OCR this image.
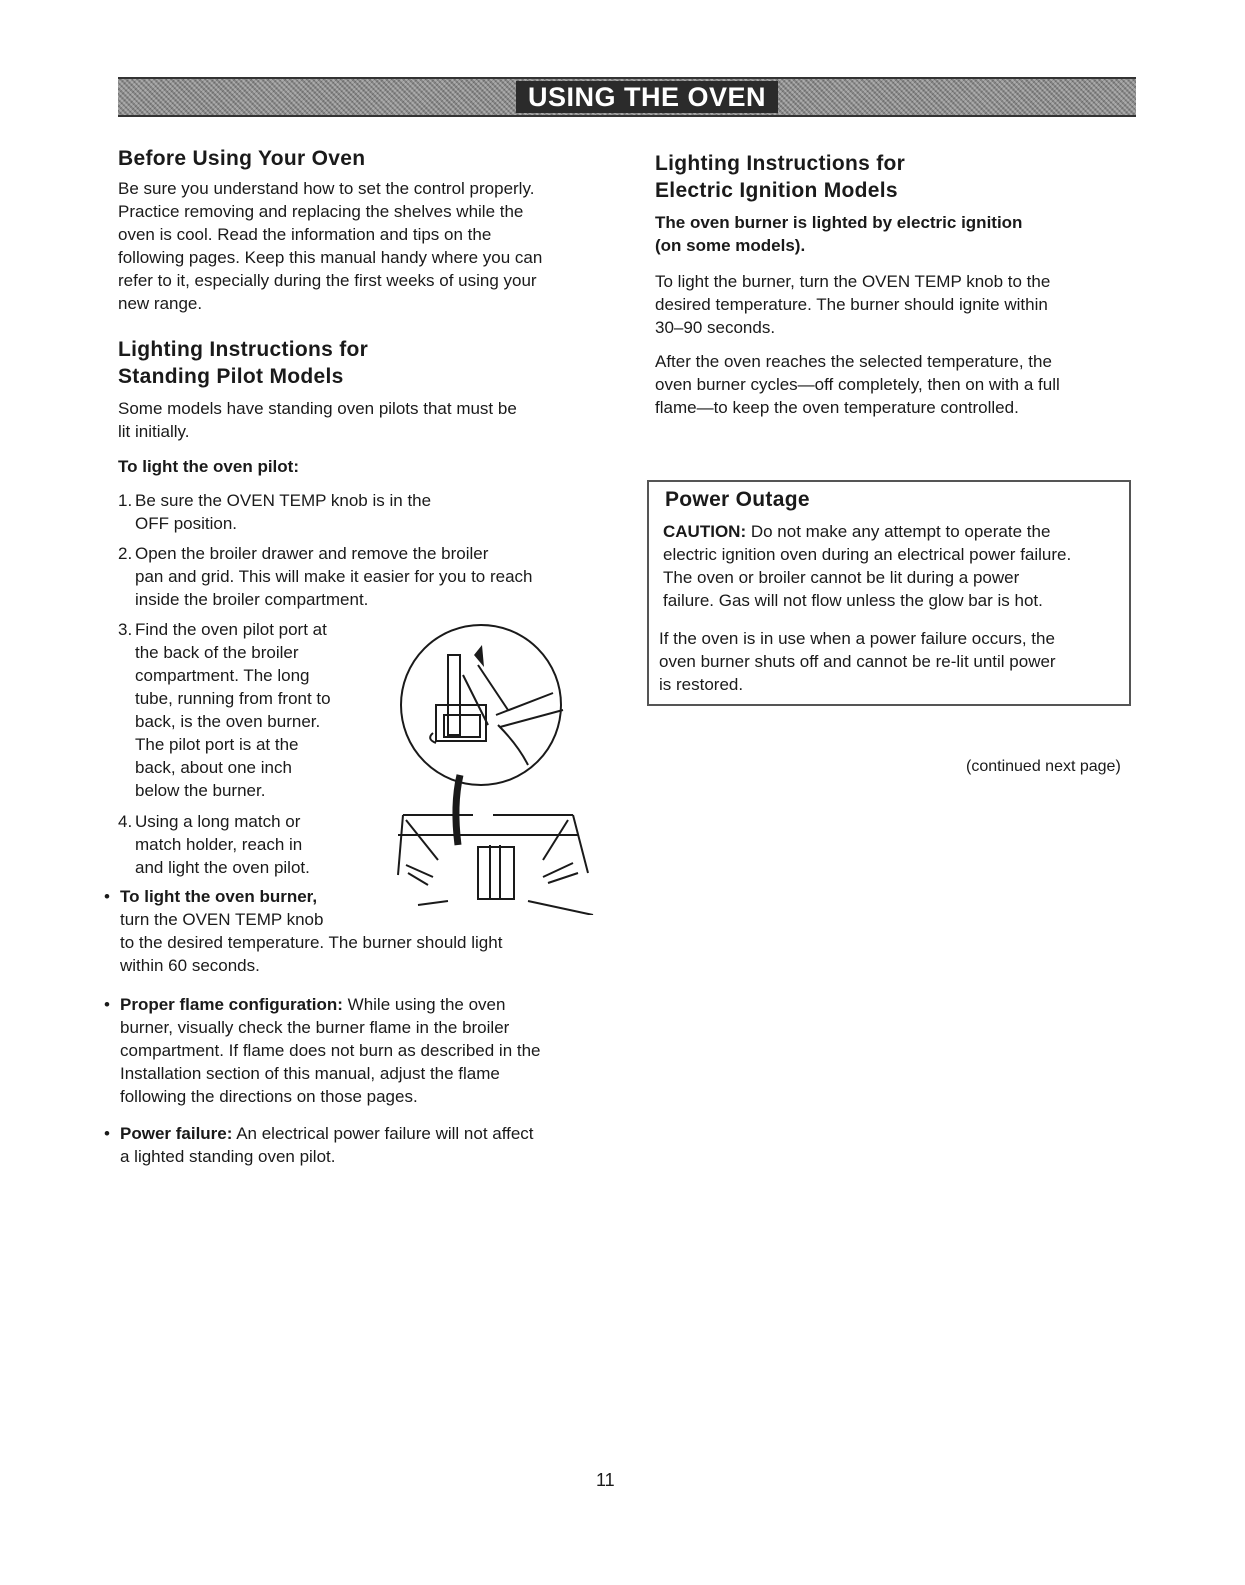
USING THE OVEN
Before Using Your Oven

Be sure you understand how to set the control properly.

Practice removing and replacing the shelves while the

oven is cool. Read the information and tips on the

following pages. Keep this manual handy where you can

refer to it, especially during the first weeks of using your

new range.

Lighting Instructions for
Standing Pilot Models

Some models have standing oven pilots that must be

lit initially.

To light the oven pilot:
1. Be sure the OVEN TEMP knob is in the
OFF position.
2. Open the broiler drawer and remove the broiler
pan and grid. This will make it easier for you to reach
inside the broiler compartment.
3. Find the oven pilot port at
the back of the broiler
compartment. The long
tube, running from front to
back, is the oven burner.
The pilot port is at the
back, about one inch
below the burner.
4. Using a long match or
match holder, reach in
and light the oven pilot.
• To light the oven burner,
turn the OVEN TEMP knob
to the desired temperature. The burner should light
within 60 seconds.
• Proper flame configuration: While using the oven
burner, visually check the burner flame in the broiler
compartment. If flame does not burn as described in the
Installation section of this manual, adjust the flame
following the directions on those pages.
• Power failure: An electrical power failure will not affect
a lighted standing oven pilot.
Lighting Instructions for
Electric Ignition Models
The oven burner is lighted by electric ignition
(on some models).

To light the burner, turn the OVEN TEMP knob to the

desired temperature. The burner should ignite within

30–90 seconds.

After the oven reaches the selected temperature, the

oven burner cycles—off completely, then on with a full

flame—to keep the oven temperature controlled.

Power Outage

CAUTION: Do not make any attempt to operate the

electric ignition oven during an electrical power failure.

The oven or broiler cannot be lit during a power

failure. Gas will not flow unless the glow bar is hot.

If the oven is in use when a power failure occurs, the

oven burner shuts off and cannot be re-lit until power

is restored.

(continued next page)
11
